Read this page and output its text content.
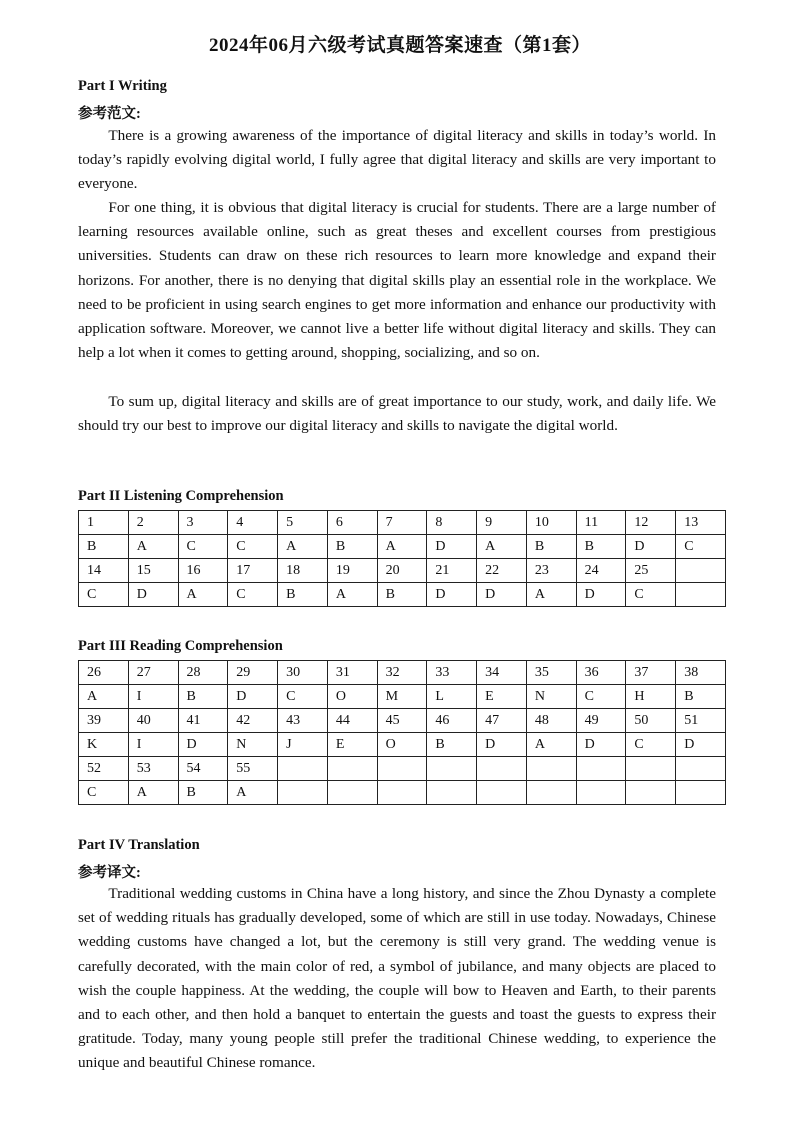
2024年06月六级考试真题答案速查（第1套）
Part I Writing
参考范文:

There is a growing awareness of the importance of digital literacy and skills in today’s world. In today’s rapidly evolving digital world, I fully agree that digital literacy and skills are very important to everyone.

For one thing, it is obvious that digital literacy is crucial for students. There are a large number of learning resources available online, such as great theses and excellent courses from prestigious universities. Students can draw on these rich resources to learn more knowledge and expand their horizons. For another, there is no denying that digital skills play an essential role in the workplace. We need to be proficient in using search engines to get more information and enhance our productivity with application software. Moreover, we cannot live a better life without digital literacy and skills. They can help a lot when it comes to getting around, shopping, socializing, and so on.

To sum up, digital literacy and skills are of great importance to our study, work, and daily life. We should try our best to improve our digital literacy and skills to navigate the digital world.

Part II Listening Comprehension
1	2	3	4	5	6	7	8	9	10	11	12	13
B	A	C	C	A	B	A	D	A	B	B	D	C
14	15	16	17	18	19	20	21	22	23	24	25	
C	D	A	C	B	A	B	D	D	A	D	C	
Part III Reading Comprehension
26	27	28	29	30	31	32	33	34	35	36	37	38
A	I	B	D	C	O	M	L	E	N	C	H	B
39	40	41	42	43	44	45	46	47	48	49	50	51
K	I	D	N	J	E	O	B	D	A	D	C	D
52	53	54	55									
C	A	B	A									
Part IV Translation
参考译文:

Traditional wedding customs in China have a long history, and since the Zhou Dynasty a complete set of wedding rituals has gradually developed, some of which are still in use today. Nowadays, Chinese wedding customs have changed a lot, but the ceremony is still very grand. The wedding venue is carefully decorated, with the main color of red, a symbol of jubilance, and many objects are placed to wish the couple happiness. At the wedding, the couple will bow to Heaven and Earth, to their parents and to each other, and then hold a banquet to entertain the guests and toast the guests to express their gratitude. Today, many young people still prefer the traditional Chinese wedding, to experience the unique and beautiful Chinese romance.
